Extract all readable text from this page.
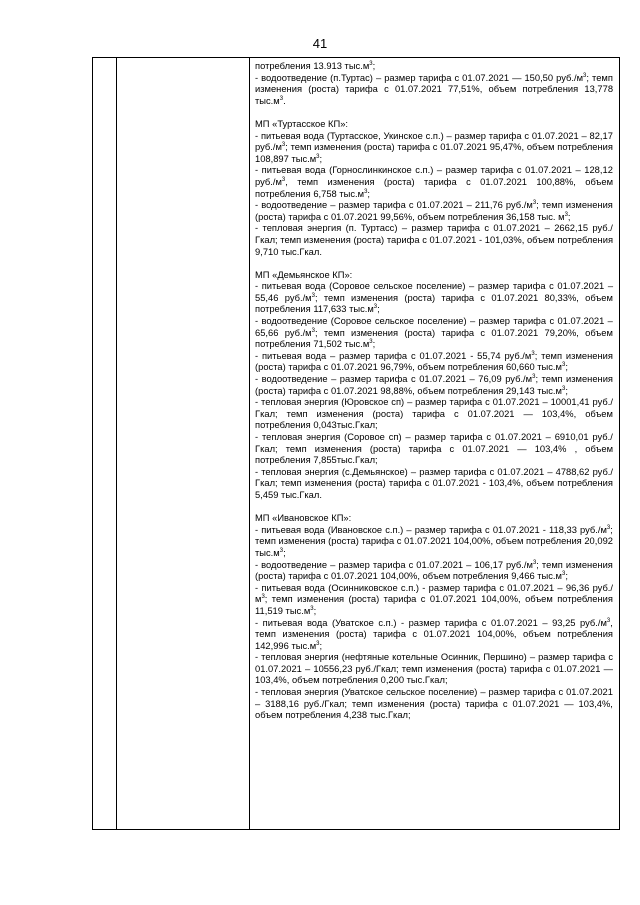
41

потребления 13.913 $тыс.м^3$;

- водоотведение (п.Туртас) – размер тарифа с 01.07.2021 — 150,50 $руб./м^3$; темп изменения (роста) тарифа с 01.07.2021 77,51%, объем потребления 13,778 $тыс.м^3$.

МП «Туртасское КП»:

- питьевая вода (Туртасское, Укинское с.п.) – размер тарифа с 01.07.2021 – 82,17 $руб./м^3$; темп изменения (роста) тарифа с 01.07.2021 95,47%, объем потребления 108,897 $тыс.м^3$;

- питьевая вода (Горнослинкинское с.п.) – размер тарифа с 01.07.2021 – 128,12 $руб./м^3$, темп изменения (роста) тарифа с 01.07.2021 100,88%, объем потребления 6,758 $тыс.м^3$;

- водоотведение – размер тарифа с 01.07.2021 – 211,76 $руб./м^3$; темп изменения (роста) тарифа с 01.07.2021 99,56%, объем потребления 36,158 тыс. $м^3$;

- тепловая энергия (п. Туртасс) – размер тарифа с 01.07.2021 – 2662,15 руб./Гкал; темп изменения (роста) тарифа с 01.07.2021 - 101,03%, объем потребления 9,710 тыс.Гкал.

МП «Демьянское КП»:

- питьевая вода (Соровое сельское поселение) – размер тарифа с 01.07.2021 – 55,46 $руб./м^3$; темп изменения (роста) тарифа с 01.07.2021 80,33%, объем потребления 117,633 $тыс.м^3$;

- водоотведение (Соровое сельское поселение) – размер тарифа с 01.07.2021 – 65,66 $руб./м^3$; темп изменения (роста) тарифа с 01.07.2021 79,20%, объем потребления 71,502 $тыс.м^3$;

- питьевая вода – размер тарифа с 01.07.2021 - 55,74 $руб./м^3$; темп изменения (роста) тарифа с 01.07.2021 96,79%, объем потребления 60,660 $тыс.м^3$;

- водоотведение – размер тарифа с 01.07.2021 – 76,09 $руб./м^3$; темп изменения (роста) тарифа с 01.07.2021 98,88%, объем потребления 29,143 $тыс.м^3$;

- тепловая энергия (Юровское сп) – размер тарифа с 01.07.2021 – 10001,41 руб./Гкал; темп изменения (роста) тарифа с 01.07.2021 — 103,4%, объем потребления 0,043тыс.Гкал;

- тепловая энергия (Соровое сп) – размер тарифа с 01.07.2021 – 6910,01 руб./Гкал; темп изменения (роста) тарифа с 01.07.2021 — 103,4% , объем потребления 7,855тыс.Гкал;

- тепловая энергия (с.Демьянское) – размер тарифа с 01.07.2021 – 4788,62 руб./Гкал; темп изменения (роста) тарифа с 01.07.2021 - 103,4%, объем потребления 5,459 тыс.Гкал.

МП «Ивановское КП»:

- питьевая вода (Ивановское с.п.) – размер тарифа с 01.07.2021 - 118,33 $руб./м^3$; темп изменения (роста) тарифа с 01.07.2021 104,00%, объем потребления 20,092 $тыс.м^3$;

- водоотведение – размер тарифа с 01.07.2021 – 106,17 $руб./м^3$; темп изменения (роста) тарифа с 01.07.2021 104,00%, объем потребления 9,466 $тыс.м^3$;

- питьевая вода (Осинниковское с.п.) - размер тарифа с 01.07.2021 – 96,36 $руб./м^3$; темп изменения (роста) тарифа с 01.07.2021 104,00%, объем потребления 11,519 $тыс.м^3$;

- питьевая вода (Уватское с.п.) - размер тарифа с 01.07.2021 – 93,25 $руб./м^3$, темп изменения (роста) тарифа с 01.07.2021 104,00%, объем потребления 142,996 $тыс.м^3$;

- тепловая энергия (нефтяные котельные Осинник, Першино) – размер тарифа с 01.07.2021 – 10556,23 руб./Гкал; темп изменения (роста) тарифа с 01.07.2021 — 103,4%, объем потребления 0,200 тыс.Гкал;

- тепловая энергия (Уватское сельское поселение) – размер тарифа с 01.07.2021 – 3188,16 руб./Гкал; темп изменения (роста) тарифа с 01.07.2021 — 103,4%, объем потребления 4,238 тыс.Гкал;
